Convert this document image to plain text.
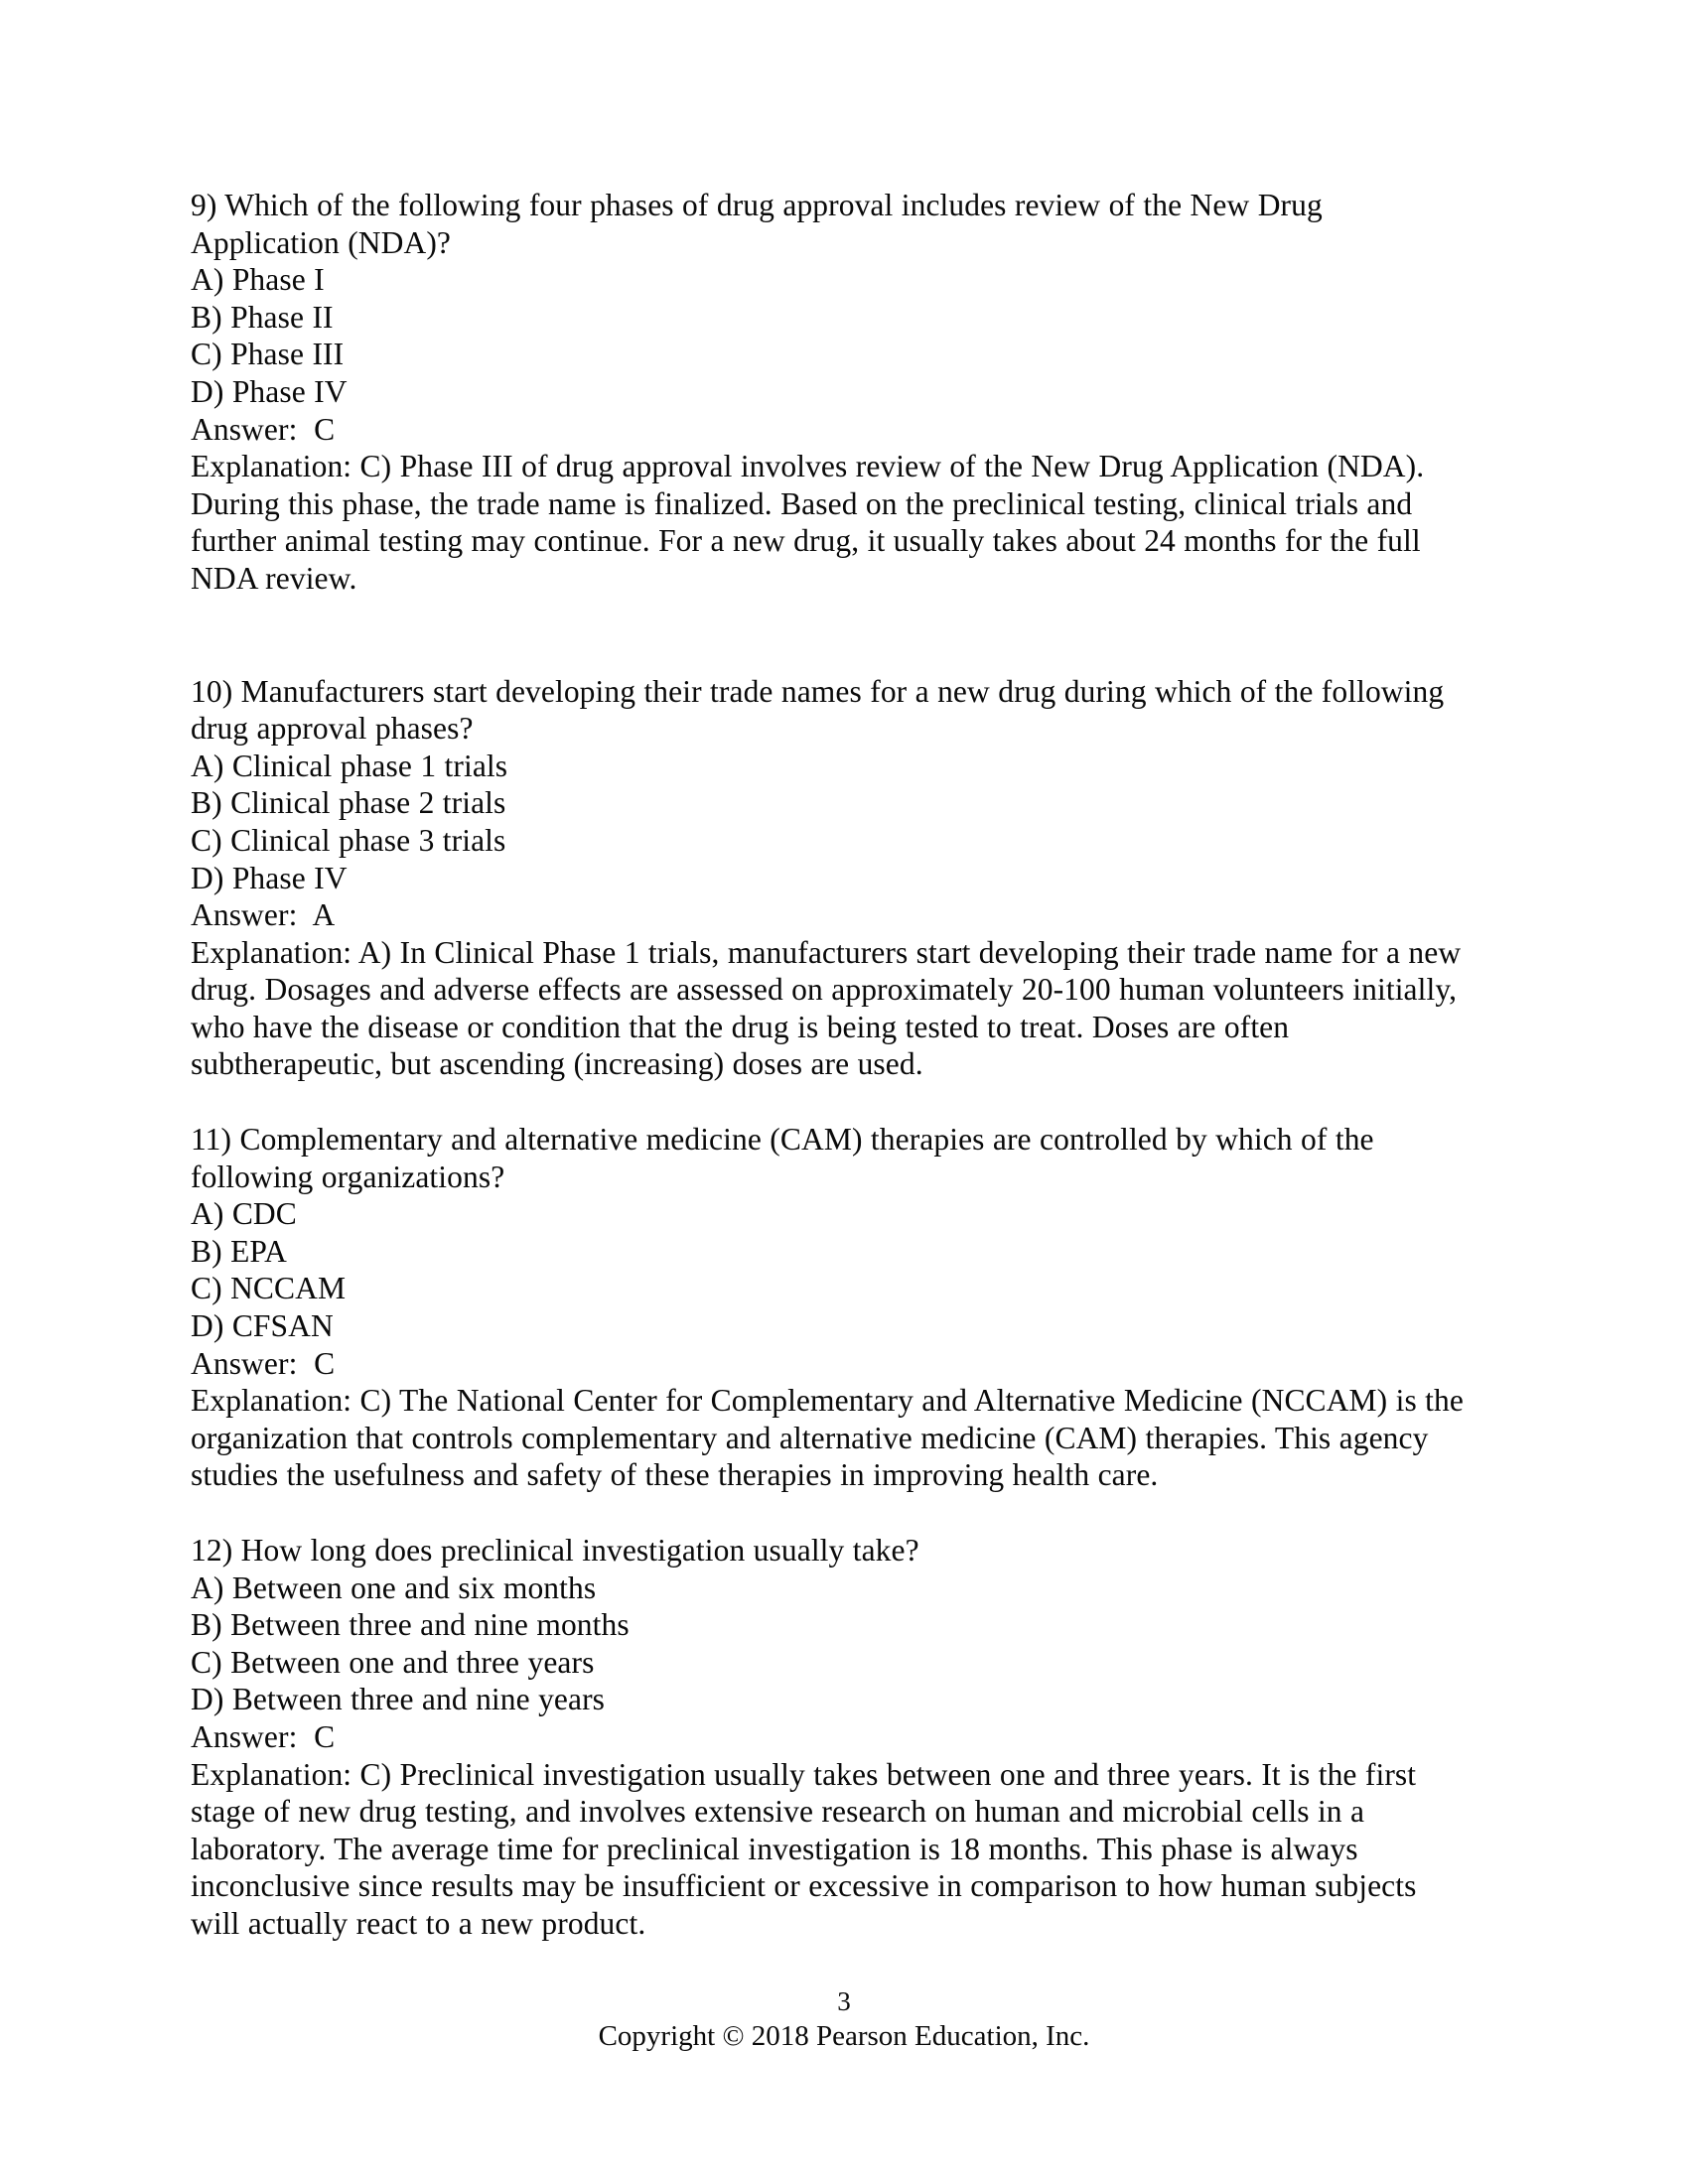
9) Which of the following four phases of drug approval includes review of the New Drug Application (NDA)?
A) Phase I
B) Phase II
C) Phase III
D) Phase IV
Answer:  C
Explanation: C) Phase III of drug approval involves review of the New Drug Application (NDA). During this phase, the trade name is finalized. Based on the preclinical testing, clinical trials and further animal testing may continue. For a new drug, it usually takes about 24 months for the full NDA review.
10) Manufacturers start developing their trade names for a new drug during which of the following drug approval phases?
A) Clinical phase 1 trials
B) Clinical phase 2 trials
C) Clinical phase 3 trials
D) Phase IV
Answer:  A
Explanation: A) In Clinical Phase 1 trials, manufacturers start developing their trade name for a new drug. Dosages and adverse effects are assessed on approximately 20-100 human volunteers initially, who have the disease or condition that the drug is being tested to treat. Doses are often subtherapeutic, but ascending (increasing) doses are used.
11) Complementary and alternative medicine (CAM) therapies are controlled by which of the following organizations?
A) CDC
B) EPA
C) NCCAM
D) CFSAN
Answer:  C
Explanation: C) The National Center for Complementary and Alternative Medicine (NCCAM) is the organization that controls complementary and alternative medicine (CAM) therapies. This agency studies the usefulness and safety of these therapies in improving health care.
12) How long does preclinical investigation usually take?
A) Between one and six months
B) Between three and nine months
C) Between one and three years
D) Between three and nine years
Answer:  C
Explanation: C) Preclinical investigation usually takes between one and three years. It is the first stage of new drug testing, and involves extensive research on human and microbial cells in a laboratory. The average time for preclinical investigation is 18 months. This phase is always inconclusive since results may be insufficient or excessive in comparison to how human subjects will actually react to a new product.
3
Copyright © 2018 Pearson Education, Inc.
